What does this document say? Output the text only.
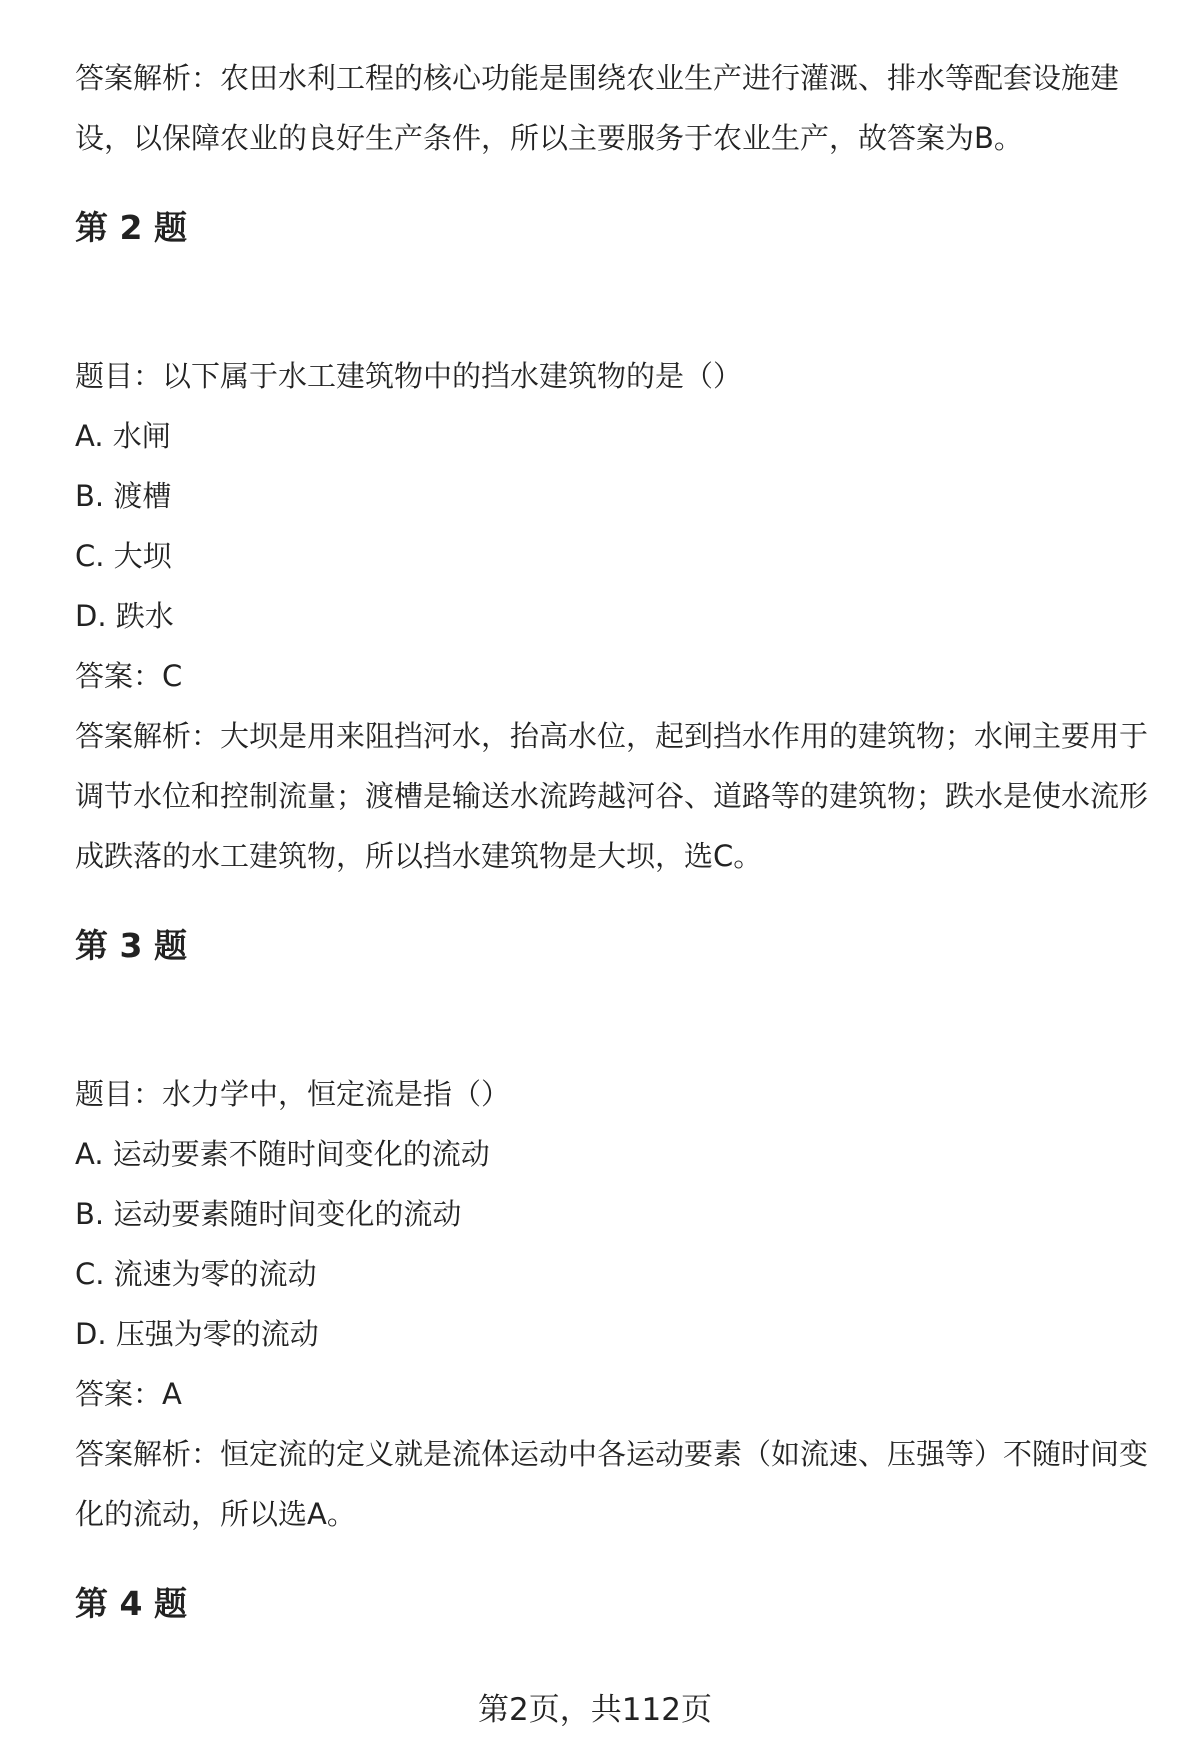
答案解析：农田水利工程的核心功能是围绕农业生产进行灌溉、排水等配套设施建设，以保障农业的良好生产条件，所以主要服务于农业生产，故答案为B。

第 2 题

题目：以下属于水工建筑物中的挡水建筑物的是（）

A. 水闸

B. 渡槽

C. 大坝

D. 跌水

答案：C

答案解析：大坝是用来阻挡河水，抬高水位，起到挡水作用的建筑物；水闸主要用于调节水位和控制流量；渡槽是输送水流跨越河谷、道路等的建筑物；跌水是使水流形成跌落的水工建筑物，所以挡水建筑物是大坝，选C。

第 3 题

题目：水力学中，恒定流是指（）

A. 运动要素不随时间变化的流动

B. 运动要素随时间变化的流动

C. 流速为零的流动

D. 压强为零的流动

答案：A

答案解析：恒定流的定义就是流体运动中各运动要素（如流速、压强等）不随时间变化的流动，所以选A。

第 4 题
第2页，共112页
